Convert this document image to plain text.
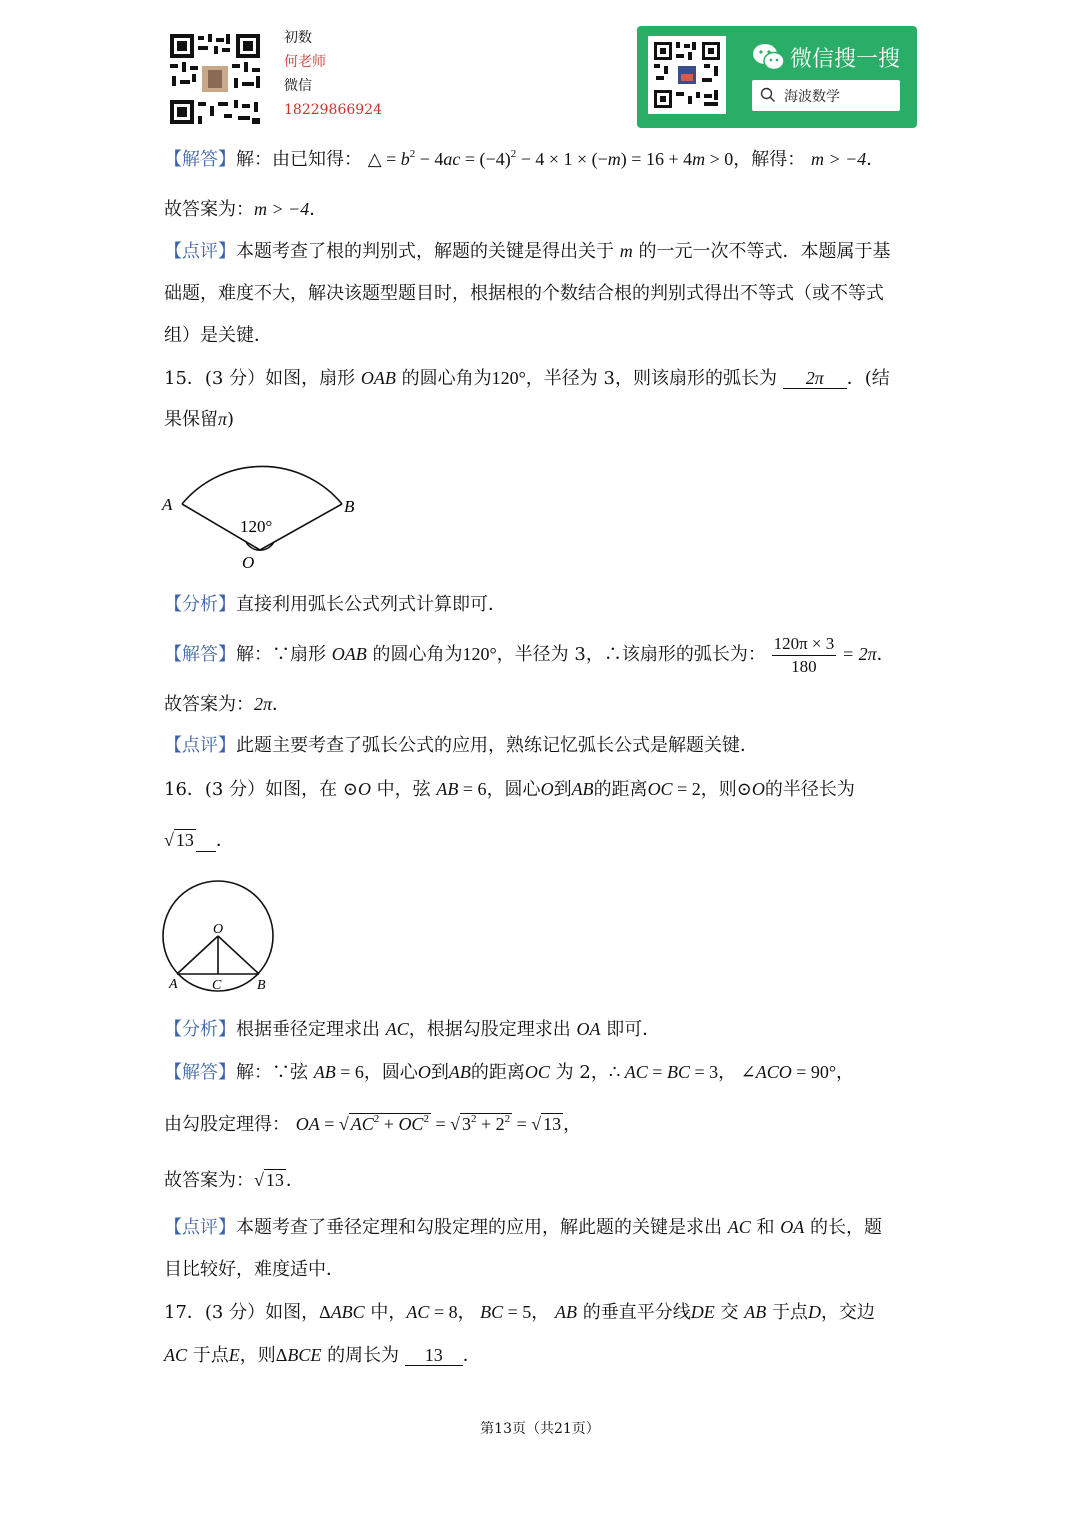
初数
何老师
微信
18229866924
微信搜一搜
海波数学
【解答】解：由已知得： △ = $b^2 - 4ac = (-4)^2 - 4 \times 1 \times (-m) = 16 + 4m > 0$，解得： m > −4．
故答案为：m > −4．
【点评】本题考查了根的判别式，解题的关键是得出关于 m 的一元一次不等式．本题属于基
础题，难度不大，解决该题型题目时，根据根的个数结合根的判别式得出不等式（或不等式
组）是关键．
15．(3 分）如图，扇形 OAB 的圆心角为120°，半径为 3，则该扇形的弧长为 2π ．(结
果保留π)
A	B
O
120°
【分析】直接利用弧长公式列式计算即可．
【解答】解：∵扇形 OAB 的圆心角为120°，半径为 3，∴该扇形的弧长为： $\frac{120\pi \times 3}{180} = 2\pi$．
故答案为：2π．
【点评】此题主要考查了弧长公式的应用，熟练记忆弧长公式是解题关键．
16．(3 分）如图，在 ⊙O 中，弦 AB = 6，圆心O到AB的距离OC = 2，则⊙O的半径长为
√ 13 ．
O
A C	B
【分析】根据垂径定理求出 AC，根据勾股定理求出 OA 即可．
【解答】解：∵弦 AB = 6，圆心O到AB的距离OC 为 2，∴ AC = BC = 3， ∠ACO = 90°，
由勾股定理得： OA = √ $AC^2 + OC^2$ = √ $3^2 + 2^2$ = √ 13 ，
故答案为：√ 13 ．
【点评】本题考查了垂径定理和勾股定理的应用，解此题的关键是求出 AC 和 OA 的长，题
目比较好，难度适中．
17．(3 分）如图，ΔABC 中，AC = 8， BC = 5， AB 的垂直平分线DE 交 AB 于点D，交边
AC 于点E，则ΔBCE 的周长为 13 ．
第13页（共21页）
